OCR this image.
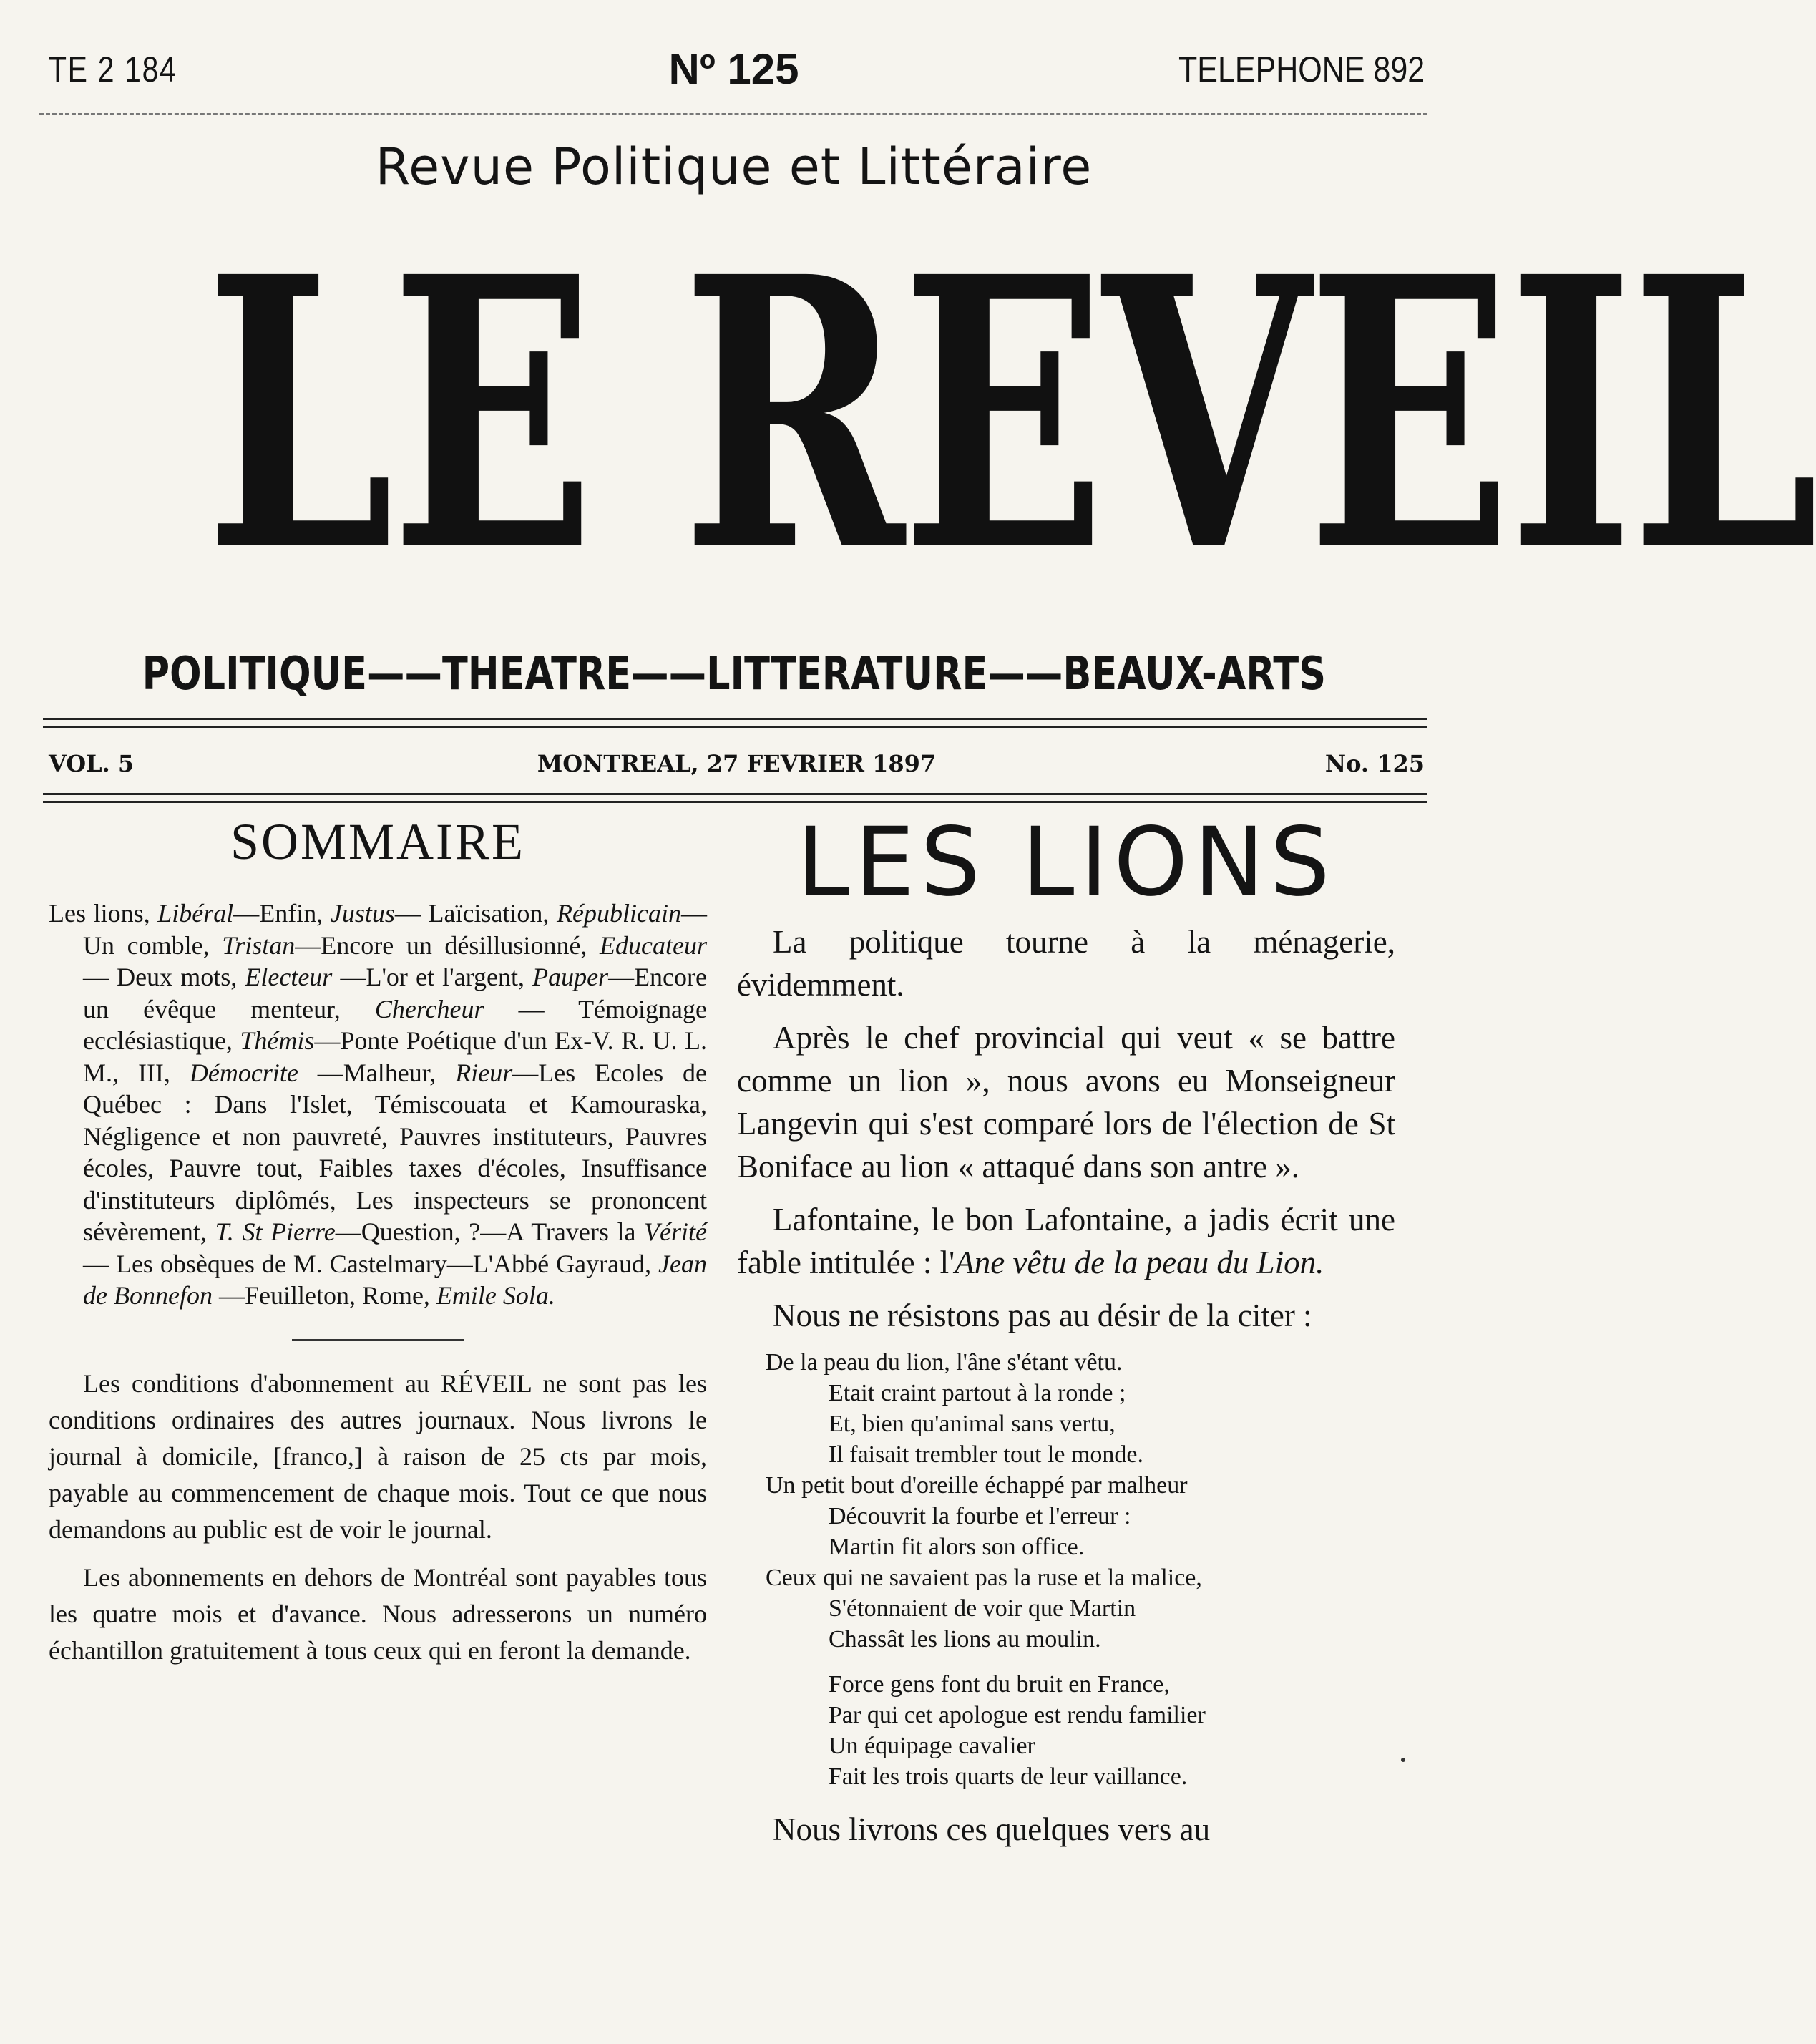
TE 2 184	Nº 125	TELEPHONE 892
Revue Politique et Littéraire
LE REVEIL
POLITIQUE——THEATRE——LITTERATURE——BEAUX-ARTS
VOL. 5	MONTREAL, 27 FEVRIER 1897	No. 125
SOMMAIRE

Les lions, Libéral—Enfin, Justus— Laïcisation, Républicain—Un comble, Tristan—Encore un désillusionné, Educateur — Deux mots, Electeur —L'or et l'argent, Pauper—Encore un évêque menteur, Chercheur — Témoignage ecclésiastique, Thémis—Ponte Poétique d'un Ex-V. R. U. L. M., III, Démocrite —Malheur, Rieur—Les Ecoles de Québec : Dans l'Islet, Témiscouata et Kamouraska, Négligence et non pauvreté, Pauvres instituteurs, Pauvres écoles, Pauvre tout, Faibles taxes d'écoles, Insuffisance d'instituteurs diplômés, Les inspecteurs se prononcent sévèrement, T. St Pierre—Question, ?—A Travers la Vérité— Les obsèques de M. Castelmary—L'Abbé Gayraud, Jean de Bonnefon —Feuilleton, Rome, Emile Sola.

Les conditions d'abonnement au RÉVEIL ne sont pas les conditions ordinaires des autres journaux. Nous livrons le journal à domicile, [franco,] à raison de 25 cts par mois, payable au commencement de chaque mois. Tout ce que nous demandons au public est de voir le journal.

Les abonnements en dehors de Montréal sont payables tous les quatre mois et d'avance. Nous adresserons un numéro échantillon gratuitement à tous ceux qui en feront la demande.

LES LIONS

La politique tourne à la ménagerie, évidemment.

Après le chef provincial qui veut « se battre comme un lion », nous avons eu Monseigneur Langevin qui s'est comparé lors de l'élection de St Boniface au lion « attaqué dans son antre ».

Lafontaine, le bon Lafontaine, a jadis écrit une fable intitulée : l'Ane vêtu de la peau du Lion.

Nous ne résistons pas au désir de la citer :

De la peau du lion, l'âne s'étant vêtu.
Etait craint partout à la ronde ;
Et, bien qu'animal sans vertu,
Il faisait trembler tout le monde.
Un petit bout d'oreille échappé par malheur
Découvrit la fourbe et l'erreur :
Martin fit alors son office.
Ceux qui ne savaient pas la ruse et la malice,
S'étonnaient de voir que Martin
Chassât les lions au moulin.
Force gens font du bruit en France,
Par qui cet apologue est rendu familier
Un équipage cavalier
Fait les trois quarts de leur vaillance.

Nous livrons ces quelques vers au
